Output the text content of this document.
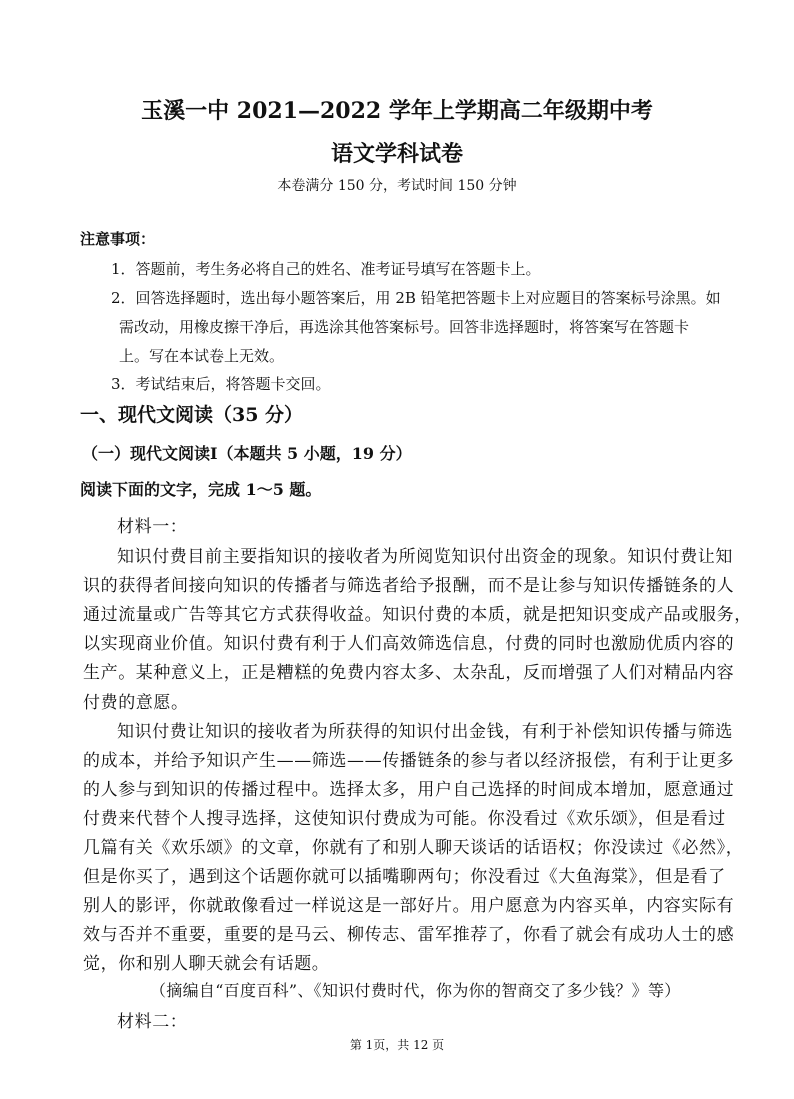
玉溪一中 2021—2022 学年上学期高二年级期中考
语文学科试卷
本卷满分 150 分，考试时间 150 分钟
注意事项：
1．答题前，考生务必将自己的姓名、准考证号填写在答题卡上。
2．回答选择题时，选出每小题答案后，用 2B 铅笔把答题卡上对应题目的答案标号涂黑。如
需改动，用橡皮擦干净后，再选涂其他答案标号。回答非选择题时，将答案写在答题卡
上。写在本试卷上无效。
3．考试结束后，将答题卡交回。
一、现代文阅读（35 分）
（一）现代文阅读Ⅰ（本题共 5 小题，19 分）
阅读下面的文字，完成 1～5 题。
材料一：
知识付费目前主要指知识的接收者为所阅览知识付出资金的现象。知识付费让知
识的获得者间接向知识的传播者与筛选者给予报酬，而不是让参与知识传播链条的人
通过流量或广告等其它方式获得收益。知识付费的本质，就是把知识变成产品或服务，
以实现商业价值。知识付费有利于人们高效筛选信息，付费的同时也激励优质内容的
生产。某种意义上，正是糟糕的免费内容太多、太杂乱，反而增强了人们对精品内容
付费的意愿。
知识付费让知识的接收者为所获得的知识付出金钱，有利于补偿知识传播与筛选
的成本，并给予知识产生——筛选——传播链条的参与者以经济报偿，有利于让更多
的人参与到知识的传播过程中。选择太多，用户自己选择的时间成本增加，愿意通过
付费来代替个人搜寻选择，这使知识付费成为可能。你没看过《欢乐颂》，但是看过
几篇有关《欢乐颂》的文章，你就有了和别人聊天谈话的话语权；你没读过《必然》，
但是你买了，遇到这个话题你就可以插嘴聊两句；你没看过《大鱼海棠》，但是看了
别人的影评，你就敢像看过一样说这是一部好片。用户愿意为内容买单，内容实际有
效与否并不重要，重要的是马云、柳传志、雷军推荐了，你看了就会有成功人士的感
觉，你和别人聊天就会有话题。
（摘编自“百度百科”、《知识付费时代，你为你的智商交了多少钱？》等）
材料二：
第 1页，共 12 页
